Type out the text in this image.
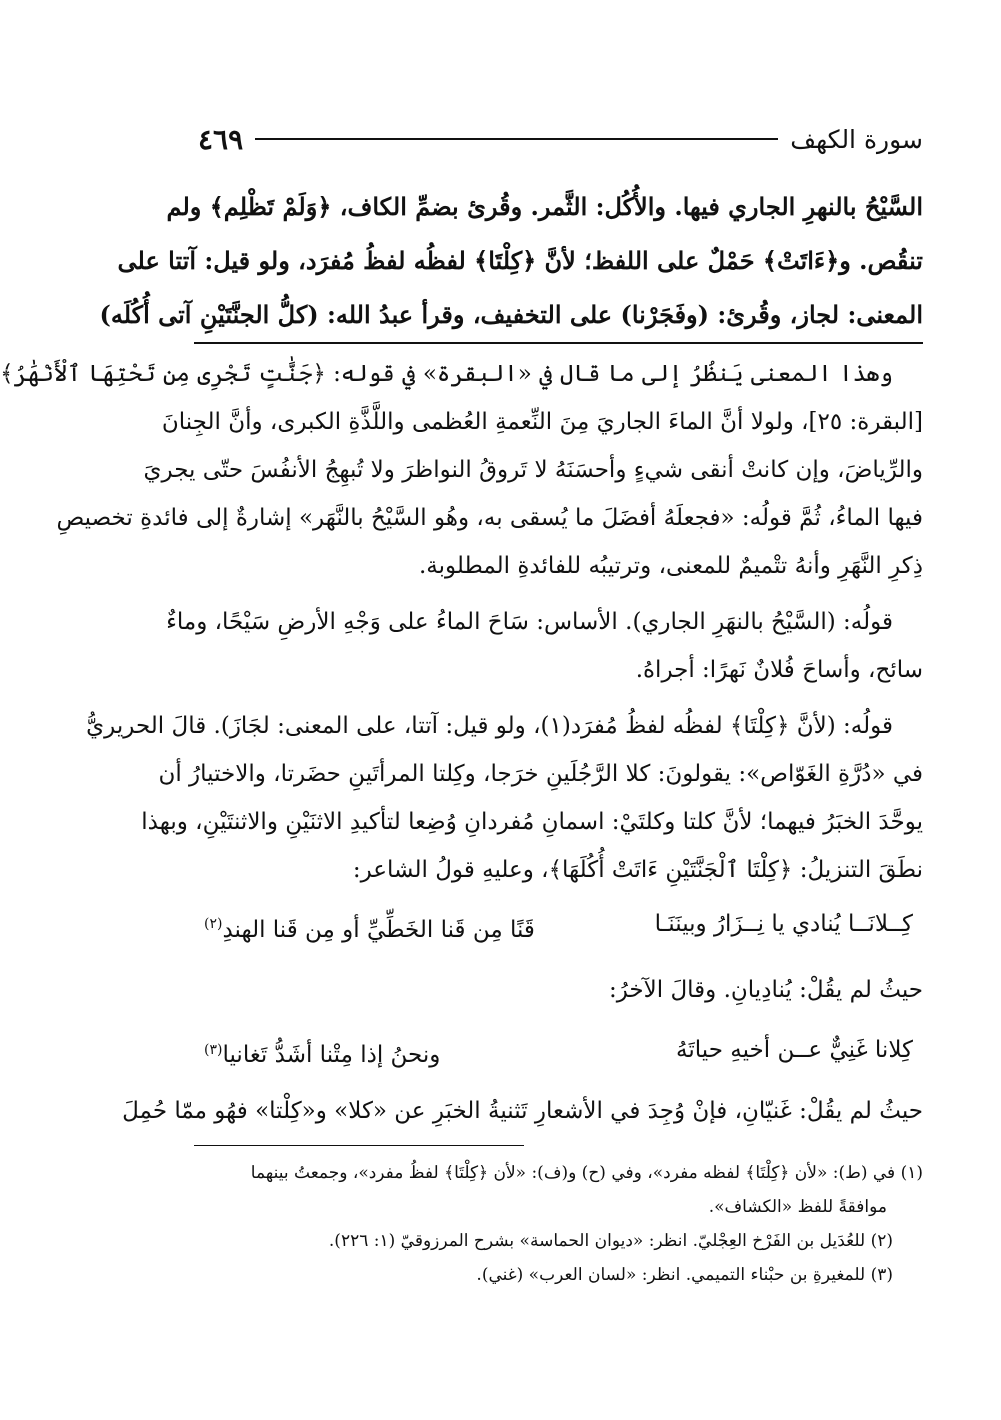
٤٦٩	سورة الكهف
السَّيْحُ بالنهرِ الجاري فيها. والأُكُل: الثَّمر. وقُرئ بضمِّ الكاف، ﴿وَلَمْ تَظْلِم﴾ ولم
تنقُص. و﴿ءَاتَتْ﴾ حَمْلٌ على اللفظ؛ لأنَّ ﴿كِلْتَا﴾ لفظُه لفظُ مُفرَد، ولو قيل: آتتا على
المعنى: لجاز، وقُرئ: (وفَجَرْنا) على التخفيف، وقرأ عبدُ الله: (كلُّ الجنَّتَيْنِ آتى أُكُلَه)
وهذا المعنى يَنظُرُ إلى ما قال في «البقرة» في قوله: ﴿جَنَّٰتٍ تَجْرِى مِن تَحْتِهَا ٱلْأَنْهَٰرُ﴾
[البقرة: ٢٥]، ولولا أنَّ الماءَ الجاريَ مِنَ النِّعمةِ العُظمى واللَّذَّةِ الكبرى، وأنَّ الجِنانَ
والرِّياضَ، وإن كانتْ أنقى شيءٍ وأحسَنَهُ لا تَروقُ النواظرَ ولا تُبهِجُ الأنفُسَ حتّى يجريَ
فيها الماءُ، ثُمَّ قولُه: «فجعلَهُ أفضَلَ ما يُسقى به، وهُو السَّيْحُ بالنَّهَر» إشارةٌ إلى فائدةِ تخصيصِ
ذِكرِ النَّهَرِ وأنهُ تتْميمٌ للمعنى، وترتيبُه للفائدةِ المطلوبة.
قولُه: (السَّيْحُ بالنهَرِ الجاري). الأساس: سَاحَ الماءُ على وَجْهِ الأرضِ سَيْحًا، وماءٌ
سائح، وأساحَ فُلانٌ نَهرًا: أجراهُ.
قولُه: (لأنَّ ﴿كِلْتَا﴾ لفظُه لفظُ مُفرَد(١)، ولو قيل: آتتا، على المعنى: لجَازَ). قالَ الحريريُّ
في «دُرَّةِ الغَوّاص»: يقولونَ: كلا الرَّجُلَينِ خرَجا، وكِلتا المرأتَينِ حضَرتا، والاختيارُ أن
يوحَّدَ الخبَرُ فيهما؛ لأنَّ كلتا وكلتَيْ: اسمانِ مُفردانِ وُضِعا لتأكيدِ الاثنَيْنِ والاثنتَيْنِ، وبهذا
نطَقَ التنزيلُ: ﴿كِلْتَا ٱلْجَنَّتَيْنِ ءَاتَتْ أُكُلَهَا﴾، وعليهِ قولُ الشاعر:
كِــلانَــا يُنادي يا نِــزَارُ وبينَنَـا
قَنًا مِن قَنا الخَطِّيِّ أو مِن قَنا الهندِ(٢)
حيثُ لم يقُلْ: يُنادِيانِ. وقالَ الآخرُ:
كِلانا غَنِيٌّ عــن أخيهِ حياتَهُ
ونحنُ إذا مِتْنا أشَدُّ تَغانيا(٣)
حيثُ لم يقُلْ: غَنيّانِ، فإنْ وُجِدَ في الأشعارِ تَثنيةُ الخبَرِ عن «كلا» و«كِلْتا» فهُو ممّا حُمِلَ

(١) في (ط): «لأن ﴿كِلْتَا﴾ لفظه مفرد»، وفي (ح) و(ف): «لأن ﴿كِلْتَا﴾ لفظُ مفرد»، وجمعتُ بينهما

موافقةً للفظ «الكشاف».

(٢) للعُدَيل بن الفَرْخ العِجْليّ. انظر: «ديوان الحماسة» بشرح المرزوقيّ (١: ٢٢٦).

(٣) للمغيرةِ بن حبْناء التميمي. انظر: «لسان العرب» (غني).
